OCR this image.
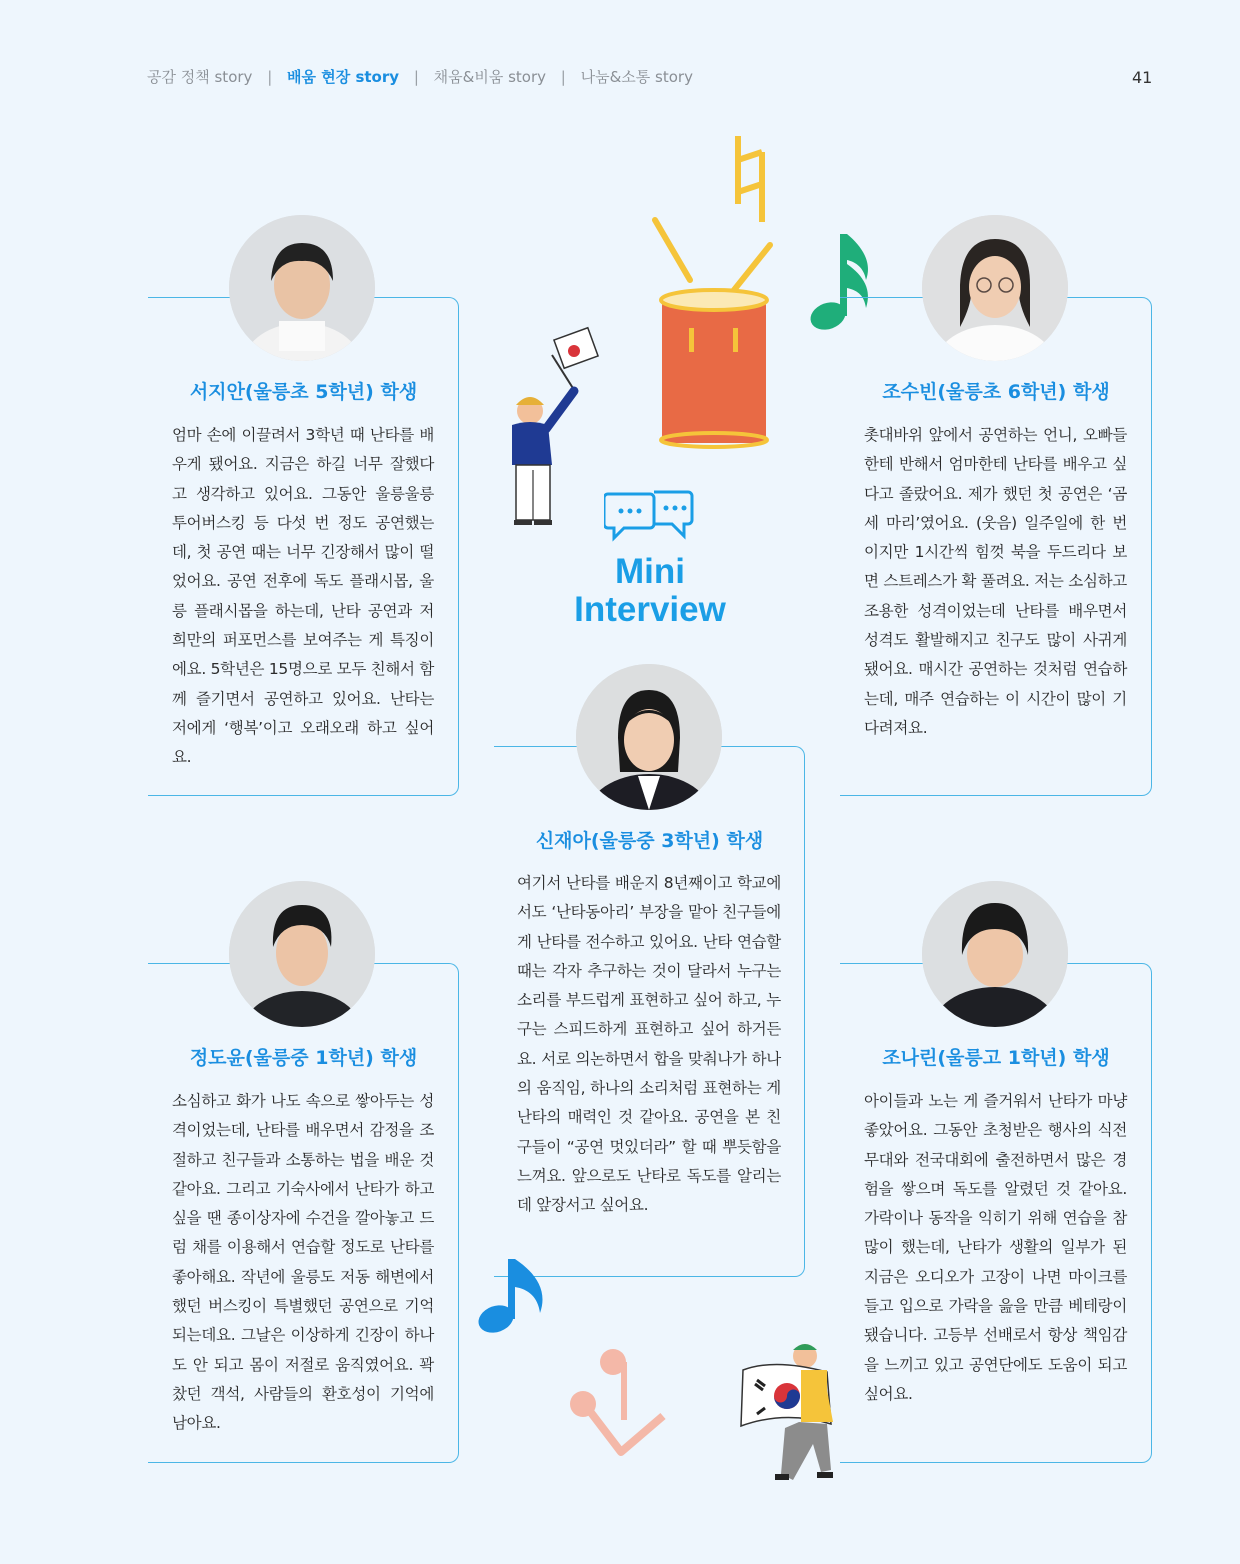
공감 정책 story | 배움 현장 story | 채움&비움 story | 나눔&소통 story	41
Mini
Interview
서지안(울릉초 5학년) 학생
엄마 손에 이끌려서 3학년 때 난타를 배우게 됐어요. 지금은 하길 너무 잘했다고 생각하고 있어요. 그동안 울릉울릉 투어버스킹 등 다섯 번 정도 공연했는데, 첫 공연 때는 너무 긴장해서 많이 떨었어요. 공연 전후에 독도 플래시몹, 울릉 플래시몹을 하는데, 난타 공연과 저희만의 퍼포먼스를 보여주는 게 특징이에요. 5학년은 15명으로 모두 친해서 함께 즐기면서 공연하고 있어요. 난타는 저에게 ‘행복’이고 오래오래 하고 싶어요.
조수빈(울릉초 6학년) 학생
촛대바위 앞에서 공연하는 언니, 오빠들한테 반해서 엄마한테 난타를 배우고 싶다고 졸랐어요. 제가 했던 첫 공연은 ‘곰 세 마리’였어요. (웃음) 일주일에 한 번이지만 1시간씩 힘껏 북을 두드리다 보면 스트레스가 확 풀려요. 저는 소심하고 조용한 성격이었는데 난타를 배우면서 성격도 활발해지고 친구도 많이 사귀게 됐어요. 매시간 공연하는 것처럼 연습하는데, 매주 연습하는 이 시간이 많이 기다려져요.
신재아(울릉중 3학년) 학생
여기서 난타를 배운지 8년째이고 학교에서도 ‘난타동아리’ 부장을 맡아 친구들에게 난타를 전수하고 있어요. 난타 연습할 때는 각자 추구하는 것이 달라서 누구는 소리를 부드럽게 표현하고 싶어 하고, 누구는 스피드하게 표현하고 싶어 하거든요. 서로 의논하면서 합을 맞춰나가 하나의 움직임, 하나의 소리처럼 표현하는 게 난타의 매력인 것 같아요. 공연을 본 친구들이 “공연 멋있더라” 할 때 뿌듯함을 느껴요. 앞으로도 난타로 독도를 알리는 데 앞장서고 싶어요.
정도윤(울릉중 1학년) 학생
소심하고 화가 나도 속으로 쌓아두는 성격이었는데, 난타를 배우면서 감정을 조절하고 친구들과 소통하는 법을 배운 것 같아요. 그리고 기숙사에서 난타가 하고 싶을 땐 종이상자에 수건을 깔아놓고 드럼 채를 이용해서 연습할 정도로 난타를 좋아해요. 작년에 울릉도 저동 해변에서 했던 버스킹이 특별했던 공연으로 기억되는데요. 그날은 이상하게 긴장이 하나도 안 되고 몸이 저절로 움직였어요. 꽉 찼던 객석, 사람들의 환호성이 기억에 남아요.
조나린(울릉고 1학년) 학생
아이들과 노는 게 즐거워서 난타가 마냥 좋았어요. 그동안 초청받은 행사의 식전 무대와 전국대회에 출전하면서 많은 경험을 쌓으며 독도를 알렸던 것 같아요. 가락이나 동작을 익히기 위해 연습을 참 많이 했는데, 난타가 생활의 일부가 된 지금은 오디오가 고장이 나면 마이크를 들고 입으로 가락을 읊을 만큼 베테랑이 됐습니다. 고등부 선배로서 항상 책임감을 느끼고 있고 공연단에도 도움이 되고 싶어요.
